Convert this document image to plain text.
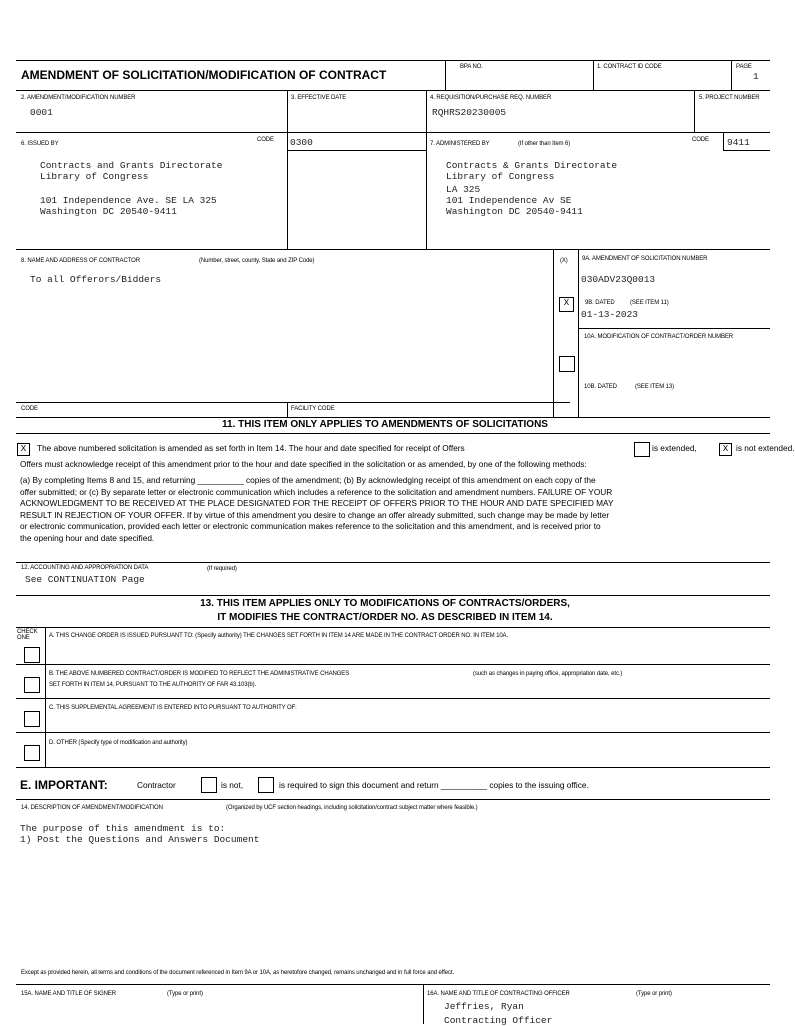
AMENDMENT OF SOLICITATION/MODIFICATION OF CONTRACT
BPA NO.	1. CONTRACT ID CODE	PAGE
1
2. AMENDMENT/MODIFICATION NUMBER
0001
3. EFFECTIVE DATE	4. REQUISITION/PURCHASE REQ. NUMBER
RQHRS20230005
5. PROJECT NUMBER
6. ISSUED BY
CODE 0300
Contracts and Grants Directorate
Library of Congress
101 Independence Ave. SE LA 325
Washington DC 20540-9411
7. ADMINISTERED BY	(If other than Item 6)
CODE 9411
Contracts & Grants Directorate
Library of Congress
LA 325
101 Independence Av SE
Washington DC 20540-9411
8. NAME AND ADDRESS OF CONTRACTOR	(Number, street, county, State and ZIP Code)
To all Offerors/Bidders
(X) 9A. AMENDMENT OF SOLICITATION NUMBER
030ADV23Q0013
X	9B. DATED	(SEE ITEM 11)
01-13-2023
10A. MODIFICATION OF CONTRACT/ORDER NUMBER
10B. DATED	(SEE ITEM 13)
CODE	FACILITY CODE
11. THIS ITEM ONLY APPLIES TO AMENDMENTS OF SOLICITATIONS
X	The above numbered solicitation is amended as set forth in Item 14. The hour and date specified for receipt of Offers	is extended,	X is not extended.
Offers must acknowledge receipt of this amendment prior to the hour and date specified in the solicitation or as amended, by one of the following methods:
(a) By completing Items 8 and 15, and returning __________ copies of the amendment; (b) By acknowledging receipt of this amendment on each copy of the
offer submitted; or (c) By separate letter or electronic communication which includes a reference to the solicitation and amendment numbers. FAILURE OF YOUR
ACKNOWLEDGMENT TO BE RECEIVED AT THE PLACE DESIGNATED FOR THE RECEIPT OF OFFERS PRIOR TO THE HOUR AND DATE SPECIFIED MAY
RESULT IN REJECTION OF YOUR OFFER. If by virtue of this amendment you desire to change an offer already submitted, such change may be made by letter
or electronic communication, provided each letter or electronic communication makes reference to the solicitation and this amendment, and is received prior to
the opening hour and date specified.
12. ACCOUNTING AND APPROPRIATION DATA	(If required)
See CONTINUATION Page
13. THIS ITEM APPLIES ONLY TO MODIFICATIONS OF CONTRACTS/ORDERS,
IT MODIFIES THE CONTRACT/ORDER NO. AS DESCRIBED IN ITEM 14.
CHECK
ONE	A. THIS CHANGE ORDER IS ISSUED PURSUANT TO: (Specify authority) THE CHANGES SET FORTH IN ITEM 14 ARE MADE IN THE CONTRACT ORDER NO. IN ITEM 10A.
B. THE ABOVE NUMBERED CONTRACT/ORDER IS MODIFIED TO REFLECT THE ADMINISTRATIVE CHANGES	(such as changes in paying office, appropriation date, etc.)
SET FORTH IN ITEM 14, PURSUANT TO THE AUTHORITY OF FAR 43.103(b).
C. THIS SUPPLEMENTAL AGREEMENT IS ENTERED INTO PURSUANT TO AUTHORITY OF:
D. OTHER (Specify type of modification and authority)
E. IMPORTANT:	Contractor	is not,	is required to sign this document and return __________ copies to the issuing office.
14. DESCRIPTION OF AMENDMENT/MODIFICATION	(Organized by UCF section headings, including solicitation/contract subject matter where feasible.)
The purpose of this amendment is to:
1) Post the Questions and Answers Document
Except as provided herein, all terms and conditions of the document referenced in Item 9A or 10A, as heretofore changed, remains unchanged and in full force and effect.
15A. NAME AND TITLE OF SIGNER	(Type or print)	16A. NAME AND TITLE OF CONTRACTING OFFICER	(Type or print)
Jeffries, Ryan
Contracting Officer
